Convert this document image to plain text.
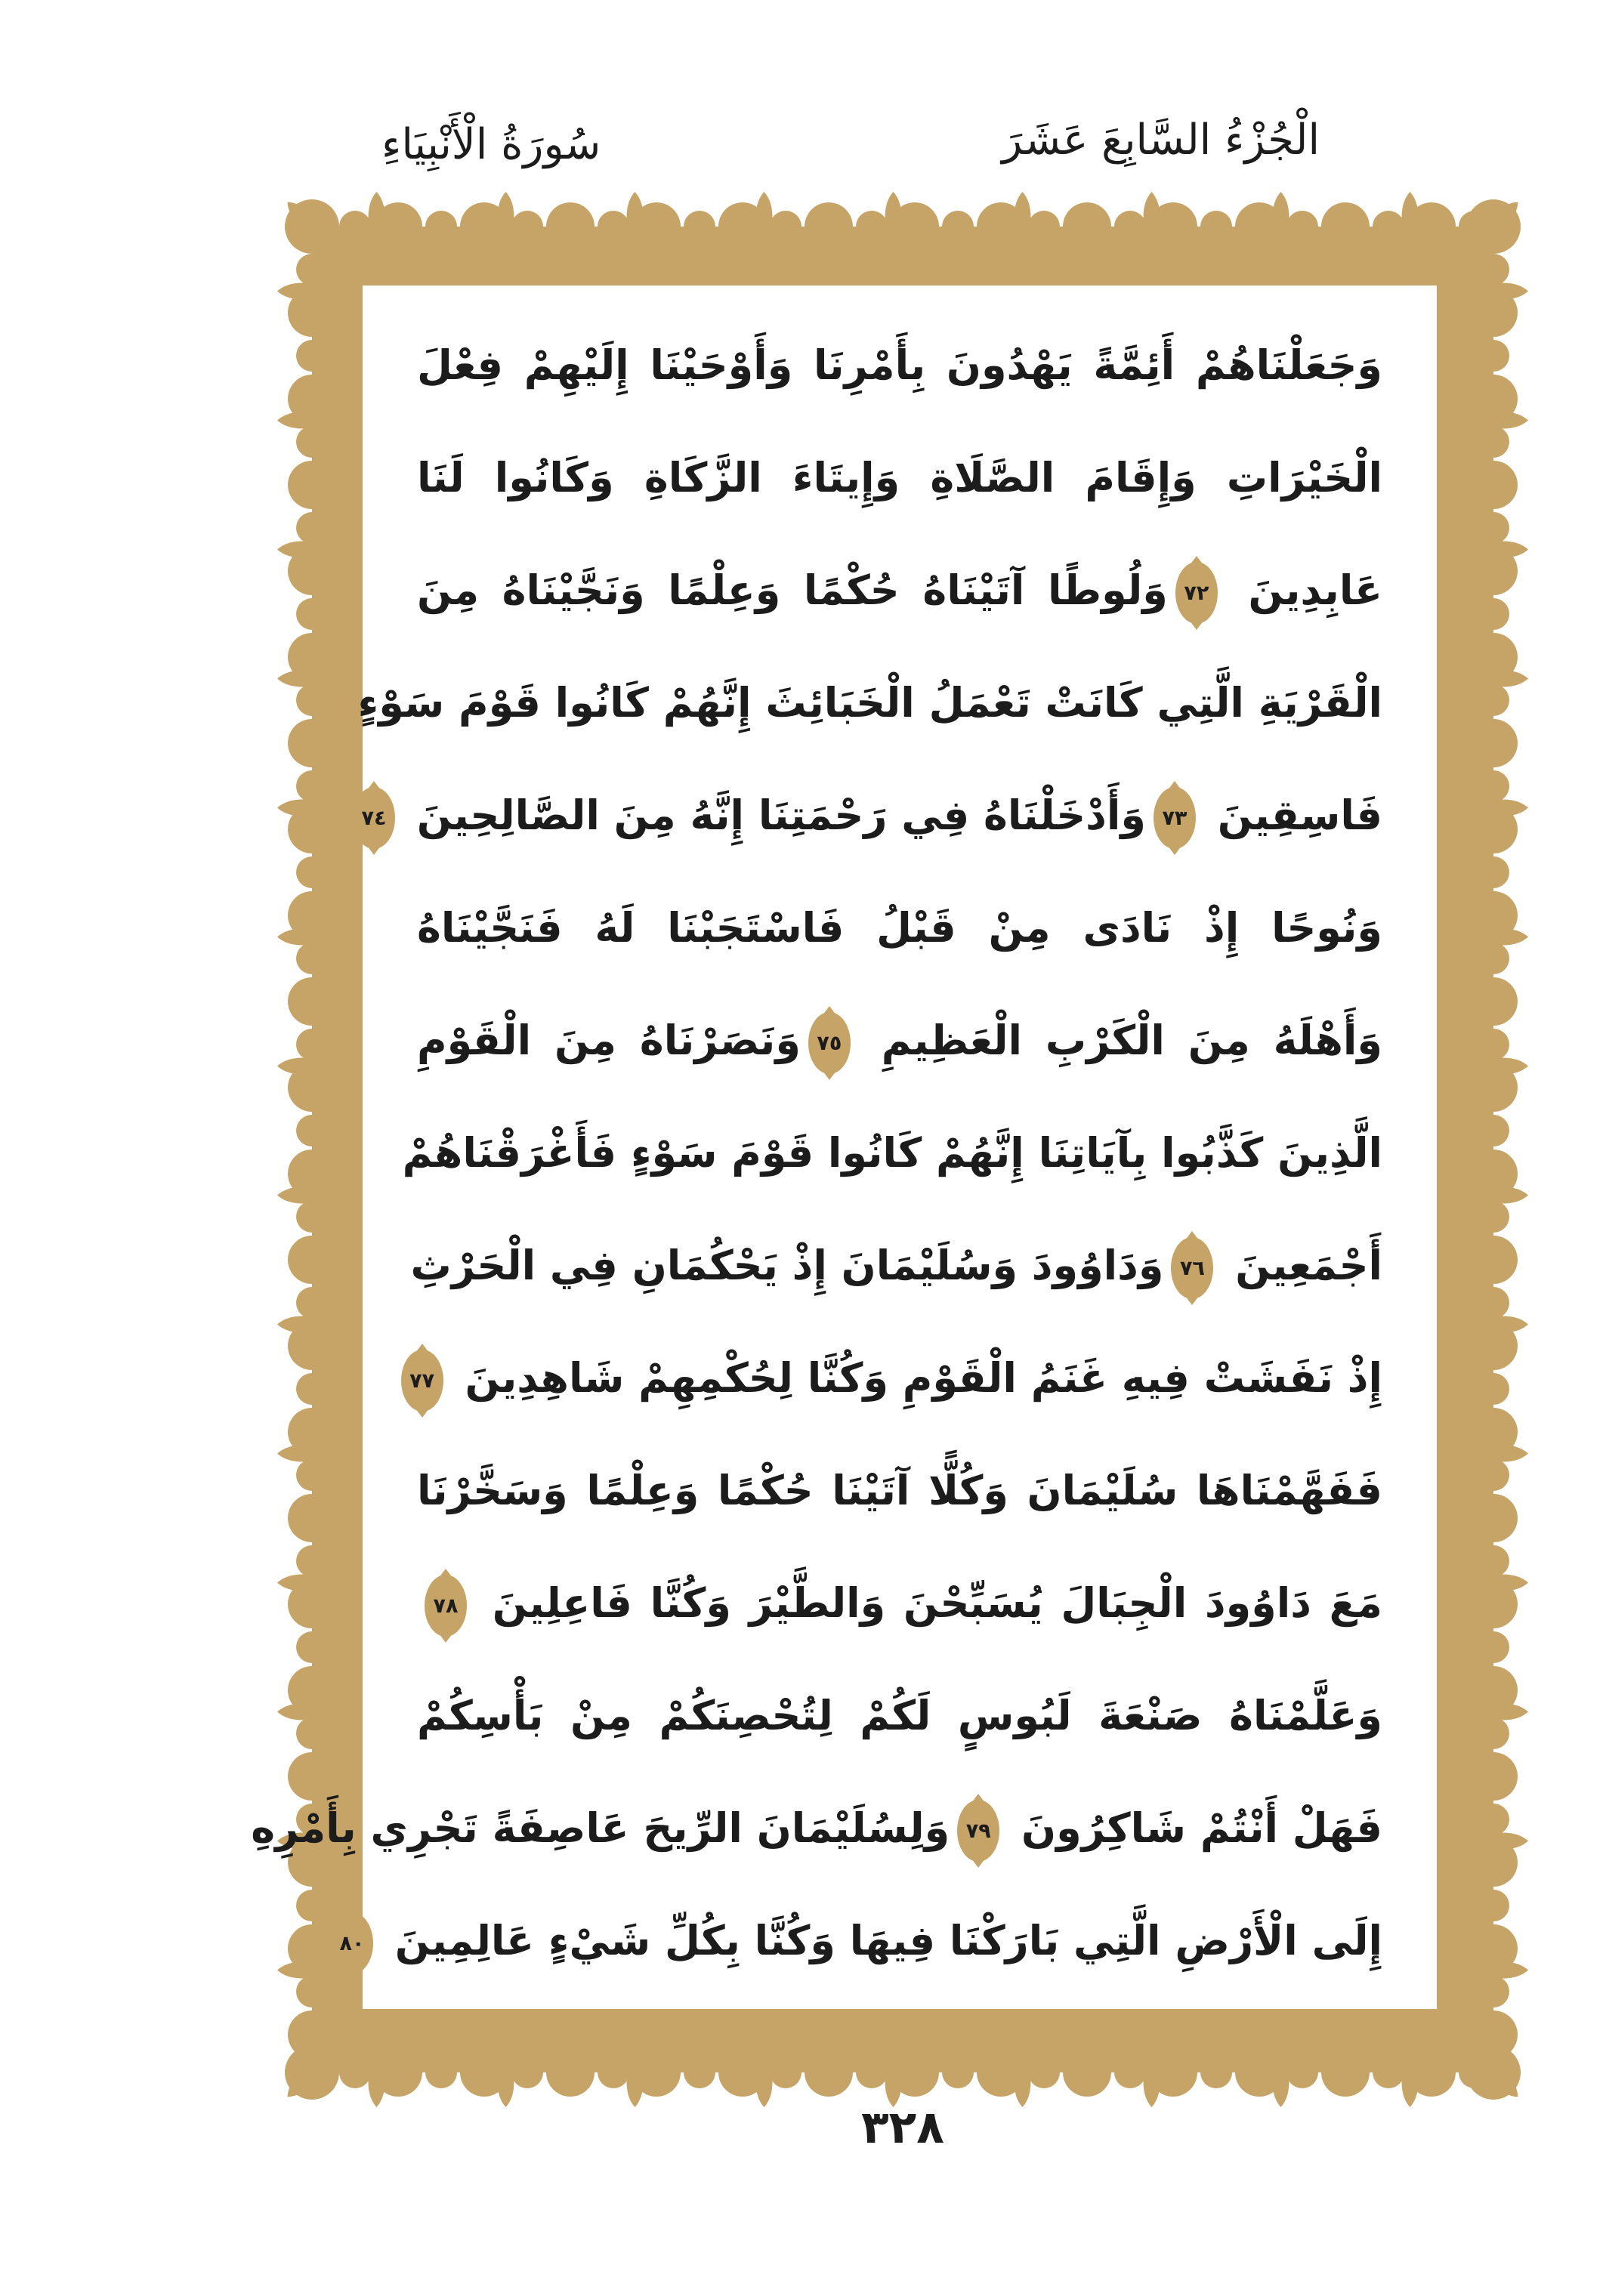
الْجُزْءُ السَّابِعَ عَشَرَ
سُورَةُ الْأَنْبِيَاءِ
وَجَعَلْنَاهُمْ أَئِمَّةً يَهْدُونَ بِأَمْرِنَا وَأَوْحَيْنَا إِلَيْهِمْ فِعْلَ
الْخَيْرَاتِ وَإِقَامَ الصَّلَاةِ وَإِيتَاءَ الزَّكَاةِ وَكَانُوا لَنَا
عَابِدِينَ
٧٢
وَلُوطًا آتَيْنَاهُ حُكْمًا وَعِلْمًا وَنَجَّيْنَاهُ مِنَ
الْقَرْيَةِ الَّتِي كَانَتْ تَعْمَلُ الْخَبَائِثَ إِنَّهُمْ كَانُوا قَوْمَ سَوْءٍ
فَاسِقِينَ
٧٣
وَأَدْخَلْنَاهُ فِي رَحْمَتِنَا إِنَّهُ مِنَ الصَّالِحِينَ
٧٤
وَنُوحًا إِذْ نَادَى مِنْ قَبْلُ فَاسْتَجَبْنَا لَهُ فَنَجَّيْنَاهُ
وَأَهْلَهُ مِنَ الْكَرْبِ الْعَظِيمِ
٧٥
وَنَصَرْنَاهُ مِنَ الْقَوْمِ
الَّذِينَ كَذَّبُوا بِآيَاتِنَا إِنَّهُمْ كَانُوا قَوْمَ سَوْءٍ فَأَغْرَقْنَاهُمْ
أَجْمَعِينَ
٧٦
وَدَاوُودَ وَسُلَيْمَانَ إِذْ يَحْكُمَانِ فِي الْحَرْثِ
إِذْ نَفَشَتْ فِيهِ غَنَمُ الْقَوْمِ وَكُنَّا لِحُكْمِهِمْ شَاهِدِينَ
٧٧
فَفَهَّمْنَاهَا سُلَيْمَانَ وَكُلًّا آتَيْنَا حُكْمًا وَعِلْمًا وَسَخَّرْنَا
مَعَ دَاوُودَ الْجِبَالَ يُسَبِّحْنَ وَالطَّيْرَ وَكُنَّا فَاعِلِينَ
٧٨
وَعَلَّمْنَاهُ صَنْعَةَ لَبُوسٍ لَكُمْ لِتُحْصِنَكُمْ مِنْ بَأْسِكُمْ
فَهَلْ أَنْتُمْ شَاكِرُونَ
٧٩
وَلِسُلَيْمَانَ الرِّيحَ عَاصِفَةً تَجْرِي بِأَمْرِهِ
إِلَى الْأَرْضِ الَّتِي بَارَكْنَا فِيهَا وَكُنَّا بِكُلِّ شَيْءٍ عَالِمِينَ
٨٠
٣٢٨
